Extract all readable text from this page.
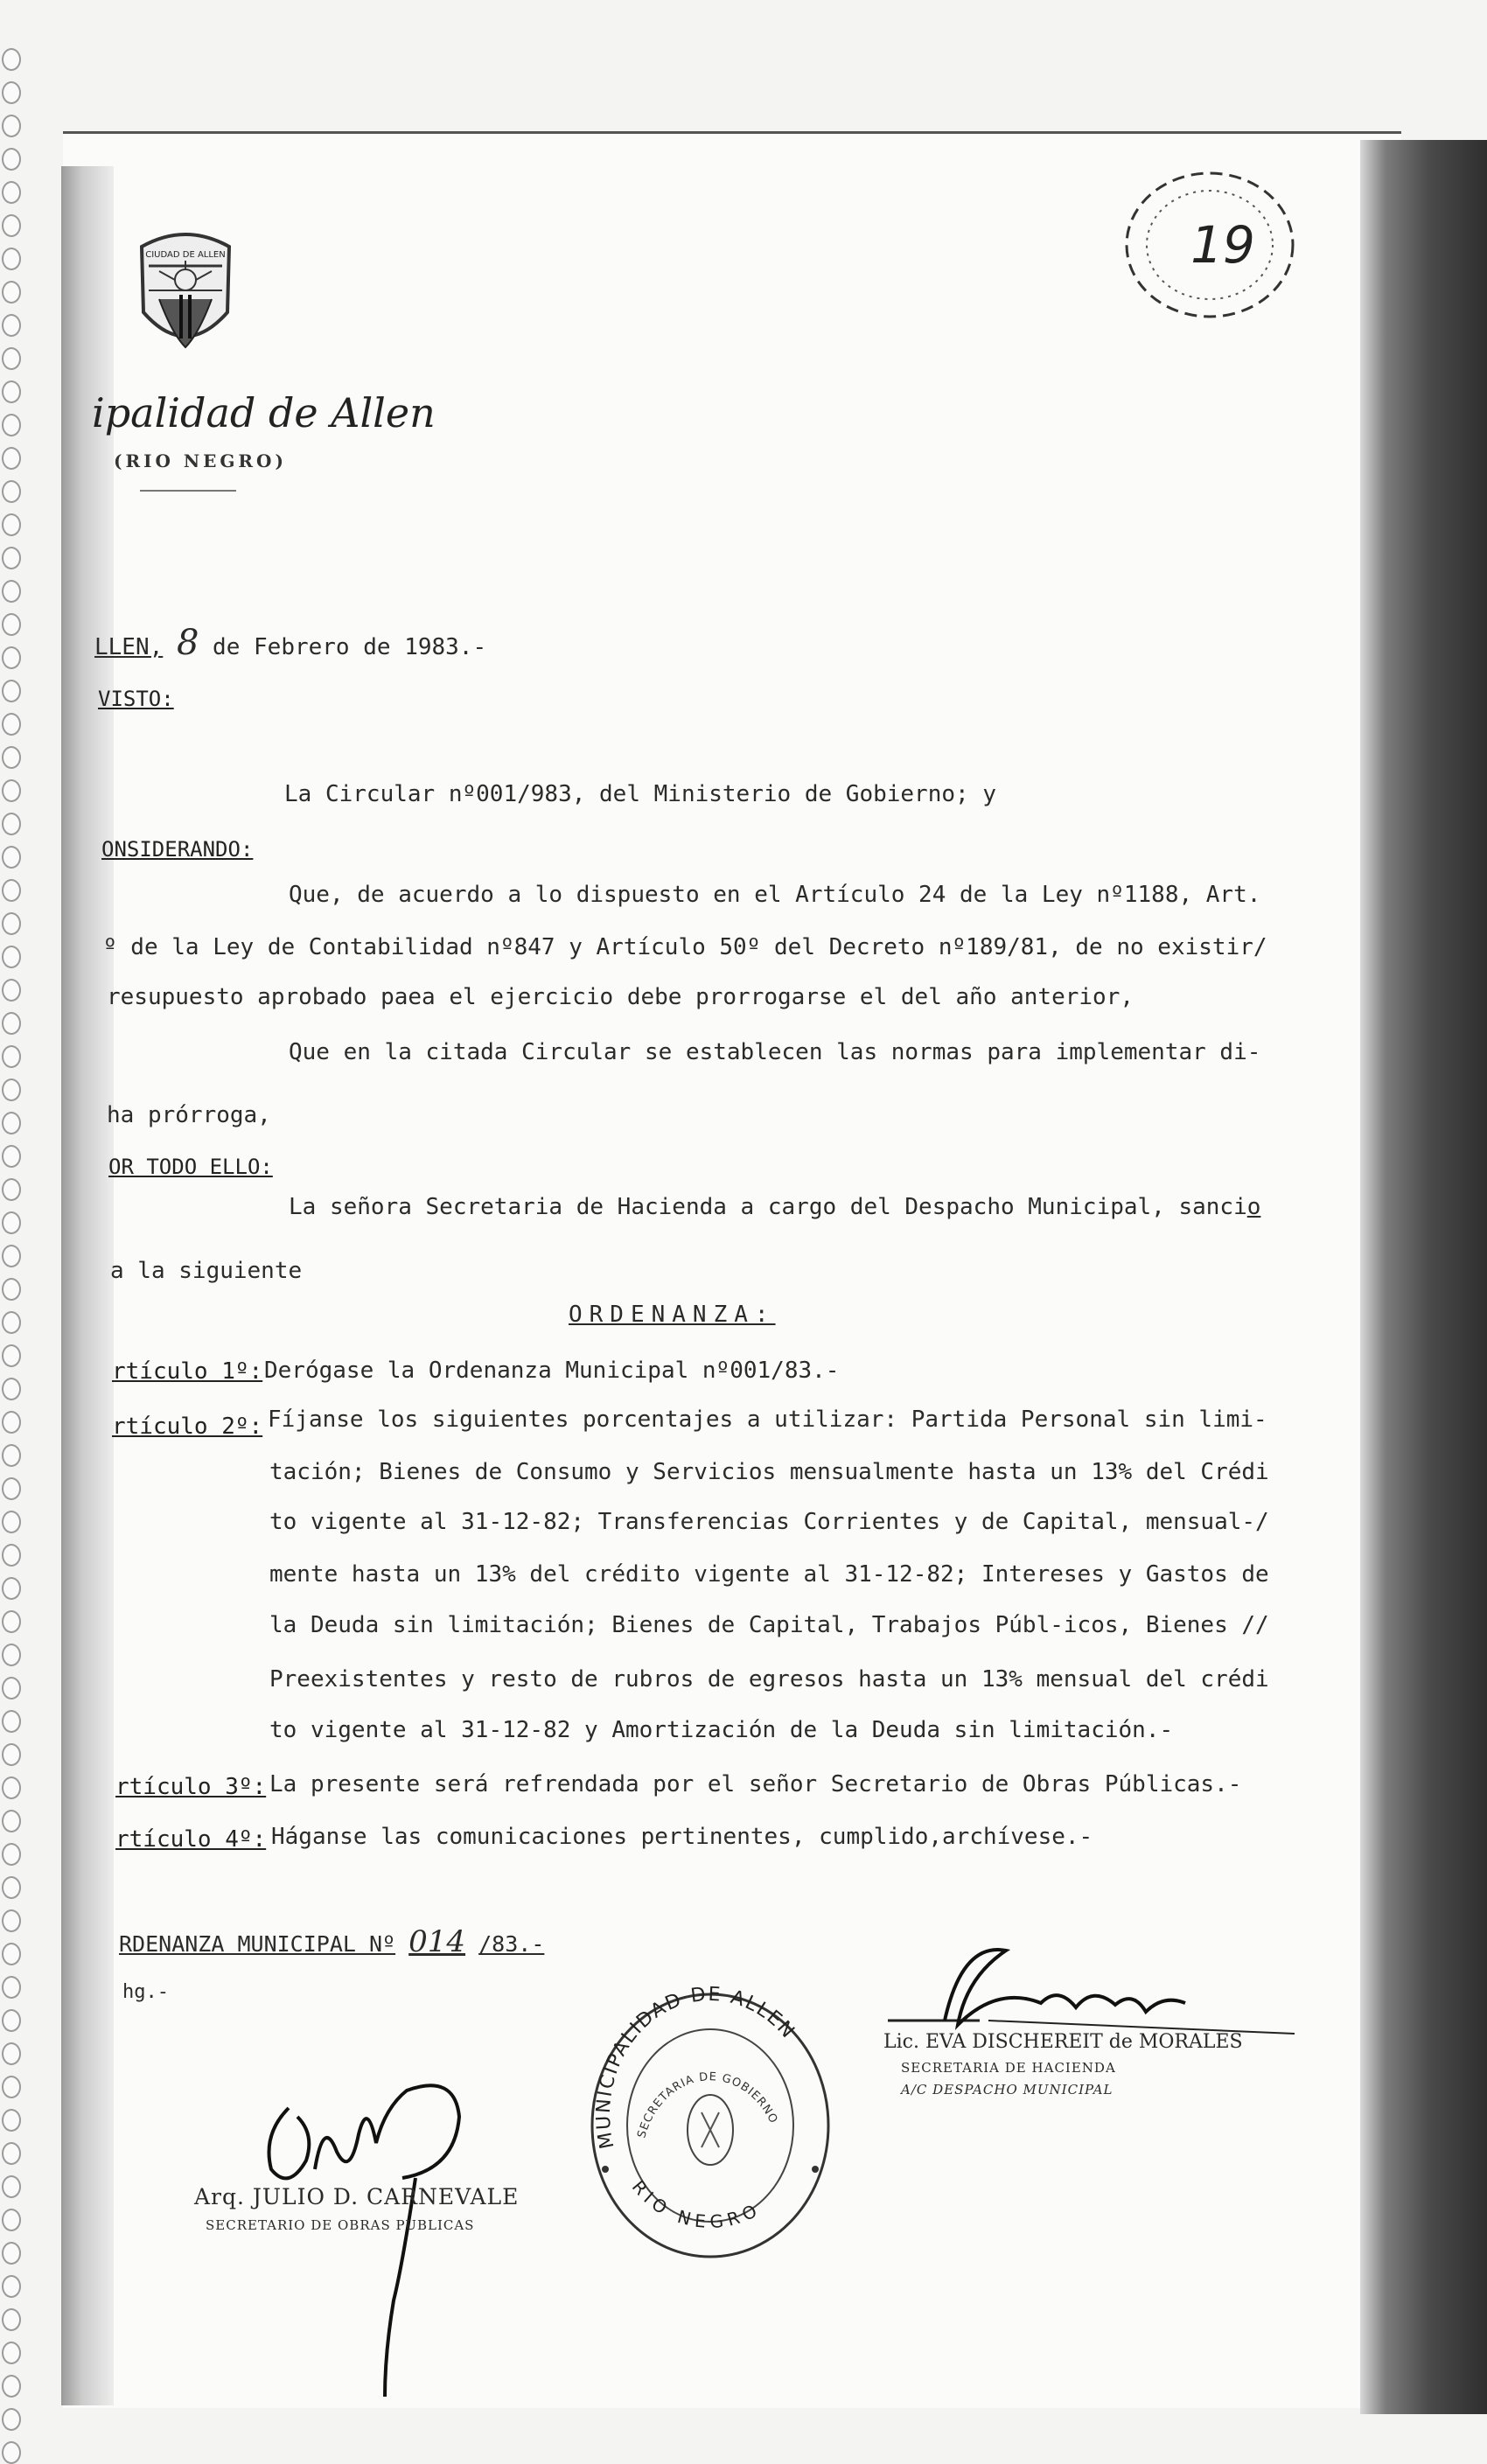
CIUDAD DE ALLEN
ipalidad de Allen
(RIO NEGRO)
19
LLEN, 8 de Febrero de 1983.-
VISTO:
La Circular nº001/983, del Ministerio de Gobierno; y
ONSIDERANDO:
Que, de acuerdo a lo dispuesto en el Artículo 24 de la Ley nº1188, Art.
º de la Ley de Contabilidad nº847 y Artículo 50º del Decreto nº189/81, de no existir/
resupuesto aprobado paea el ejercicio debe prorrogarse el del año anterior,
Que en la citada Circular se establecen las normas para implementar di-
ha prórroga,
OR TODO ELLO:
La señora Secretaria de Hacienda a cargo del Despacho Municipal, sancio
a la siguiente
ORDENANZA:
rtículo 1º: Derógase la Ordenanza Municipal nº001/83.-
rtículo 2º: Fíjanse los siguientes porcentajes a utilizar: Partida Personal sin limi-
tación; Bienes de Consumo y Servicios mensualmente hasta un 13% del Crédi
to vigente al 31-12-82; Transferencias Corrientes y de Capital, mensual-/
mente hasta un 13% del crédito vigente al 31-12-82; Intereses y Gastos de
la Deuda sin limitación; Bienes de Capital, Trabajos Públ-icos, Bienes //
Preexistentes y resto de rubros de egresos hasta un 13% mensual del crédi
to vigente al 31-12-82 y Amortización de la Deuda sin limitación.-
rtículo 3º: La presente será refrendada por el señor Secretario de Obras Públicas.-
rtículo 4º: Háganse las comunicaciones pertinentes, cumplido,archívese.-
RDENANZA MUNICIPAL Nº 014 /83.-
hg.-
Lic. EVA DISCHEREIT de MORALES
SECRETARIA DE HACIENDA
A/C DESPACHO MUNICIPAL
MUNICIPALIDAD DE ALLEN
RIO NEGRO
SECRETARIA DE GOBIERNO
Arq. JULIO D. CARNEVALE
SECRETARIO DE OBRAS PUBLICAS
